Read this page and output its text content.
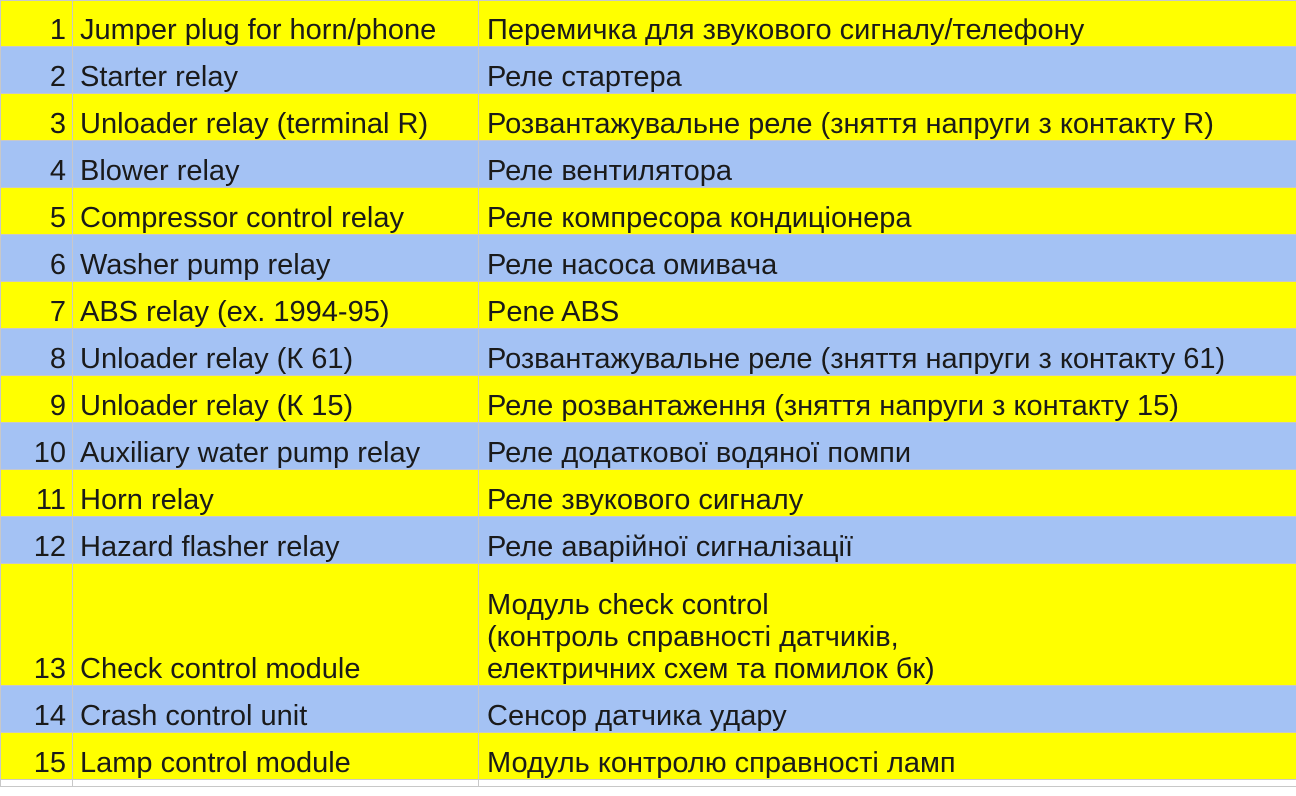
1	Jumper plug for horn/phone	Перемичка для звукового сигналу/телефону
2	Starter relay	Реле стартера
3	Unloader relay (terminal R)	Розвантажувальне реле (зняття напруги з контакту R)
4	Blower relay	Реле вентилятора
5	Compressor control relay	Реле компресора кондиціонера
6	Washer pump relay	Реле насоса омивача
7	ABS relay (ex. 1994-95)	Pene ABS
8	Unloader relay (К 61)	Розвантажувальне реле (зняття напруги з контакту 61)
9	Unloader relay (К 15)	Реле розвантаження (зняття напруги з контакту 15)
10	Auxiliary water pump relay	Реле додаткової водяної помпи
11	Horn relay	Реле звукового сигналу
12	Hazard flasher relay	Реле аварійної сигналізації
13	Check control module	Модуль check control
(контроль справності датчиків,
електричних схем та помилок бк)
14	Crash control unit	Сенсор датчика удару
15	Lamp control module	Модуль контролю справності ламп
